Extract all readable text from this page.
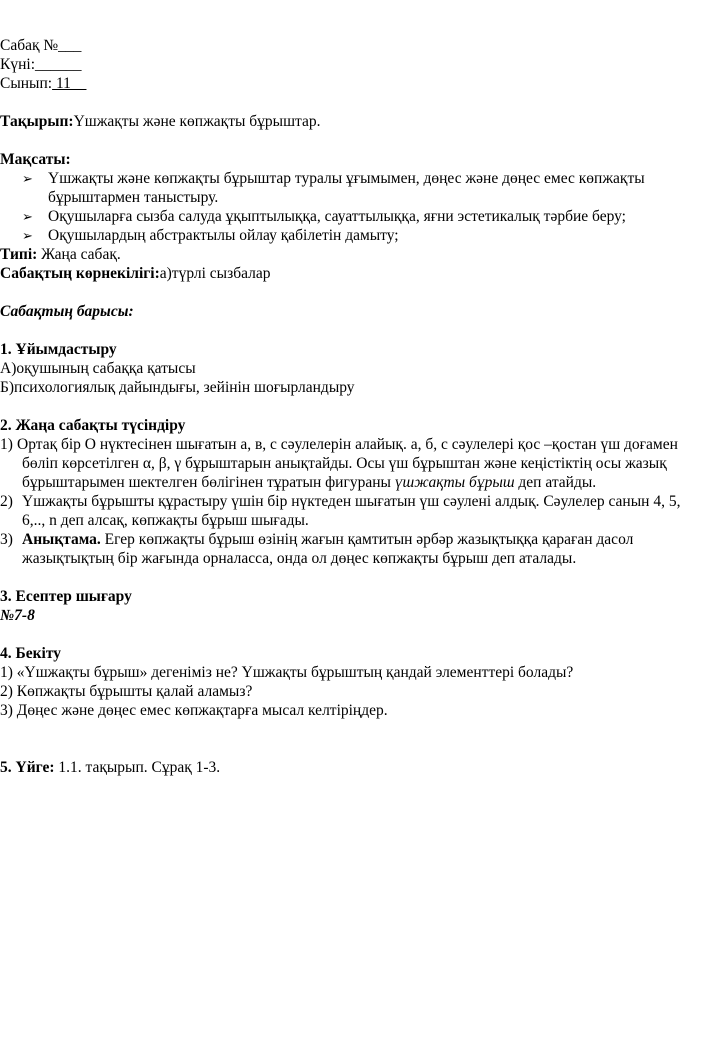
Сабақ №___
Күні:______
Сынып: 11__
Тақырып:Үшжақты және көпжақты бұрыштар.
Мақсаты:
➢ Үшжақты және көпжақты бұрыштар туралы ұғымымен, дөңес және дөңес емес көпжақты
бұрыштармен таныстыру.
➢ Оқушыларға сызба салуда ұқыптылыққа, сауаттылыққа, яғни эстетикалық тәрбие беру;
➢ Оқушылардың абстрактылы ойлау қабілетін дамыту;
Типі: Жаңа сабақ.
Сабақтың көрнекілігі:а)түрлі сызбалар
Сабақтың барысы:
1. Ұйымдастыру
А)оқушының сабаққа қатысы
Б)психологиялық дайындығы, зейінін шоғырландыру
2. Жаңа сабақты түсіндіру
1) Ортақ бір О нүктесінен шығатын а, в, с сәулелерін алайық. а, б, с сәулелері қос –қостан үш доғамен
бөліп көрсетілген α, β, γ бұрыштарын анықтайды. Осы үш бұрыштан және кеңістіктің осы жазық
бұрыштарымен шектелген бөлігінен тұратын фигураны үшжақты бұрыш деп атайды.
2) Үшжақты бұрышты құрастыру үшін бір нүктеден шығатын үш сәулені алдық. Сәулелер санын 4, 5,
6,.., n деп алсақ, көпжақты бұрыш шығады.
3) Анықтама. Егер көпжақты бұрыш өзінің жағын қамтитын әрбәр жазықтыққа қараған дасол
жазықтықтың бір жағында орналасса, онда ол дөңес көпжақты бұрыш деп аталады.
3. Есептер шығару
№7-8
4. Бекіту
1) «Үшжақты бұрыш» дегеніміз не? Үшжақты бұрыштың қандай элементтері болады?
2) Көпжақты бұрышты қалай аламыз?
3) Дөңес және дөңес емес көпжақтарға мысал келтіріңдер.
5. Үйге: 1.1. тақырып. Сұрақ 1-3.
